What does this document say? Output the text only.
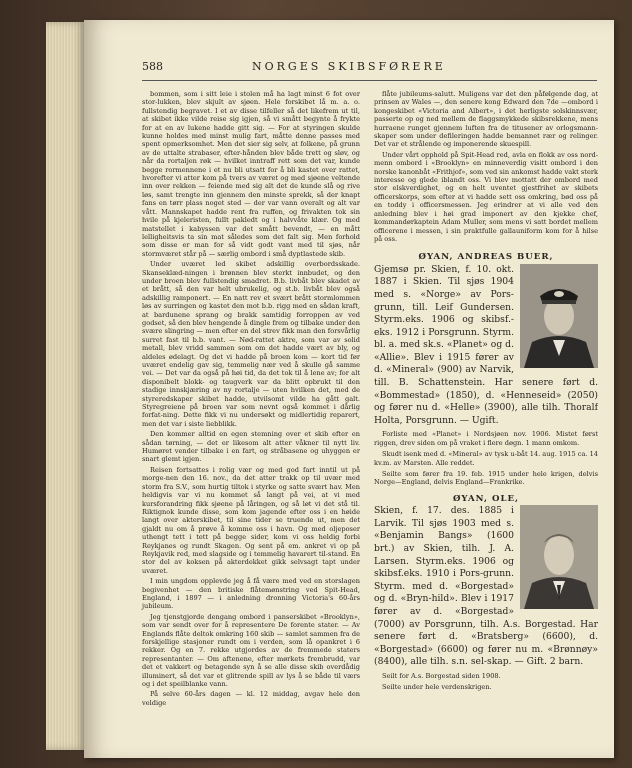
588	NORGES SKIBSFØRERE

bommen, som i sitt leie i stolen må ha lagt minst 6 fot over stor-lukken, blev skjult av sjøen. Hele forskibet lå m. a. o. fullstendig begravet. I et av disse tilfeller så det likefrem ut til, at skibet ikke vilde reise sig igjen, så vi smått begynte å frykte for at en av lukene hadde gitt sig. — For at styringen skulde kunne holdes med minst mulig fart, måtte denne passes med spent opmerksomhet. Men det sier sig selv, at folkene, på grunn av de uttalte strabaser, efter-hånden blev både trett og sløv, og når da rortaljen røk — hvilket inntraff rett som det var, kunde begge rormennene i et nu bli utsatt for å bli kastet over rattet, hvorefter vi atter kom på tvers av været og med sjøene veltende inn over rekken — feiende med sig alt det de kunde slå og rive løs, samt trengte inn gjennem den minste sprekk, så der knapt fans en tørr plass noget sted — der var vann overalt og alt var vått. Mannskapet hadde rent fra ruffen, og frivakten tok sin hvile på kjeleristen, fullt pakledt og i halvvåte klær. Og med matstellet i kabyssen var det smått bevendt, — en mått lelligheitsvis ta sin mat således som det falt sig. Men forhold som disse er man for så vidt godt vant med til sjøs, når stormværet står på — særlig ombord i små dyptlastede skib.

Under uværet led skibet adskillig overbordsskade. Skanseklæd-ningen i brønnen blev sterkt innbudet, og den under broen blev fullstendig smadret. B.b. livbåt blev skadet av et brått, så den var helt ubrukelig, og st.b. livbåt blev også adskillig ramponert. — En natt rev et svært brått stormlommen løs av surringen og kastet den mot b.b. rigg med en sådan kraft, at bardunene sprang og brakk samtidig forroppen av ved godset, så den blev hengende å dingle frem og tilbake under den svære slingring — men efter en del strev fikk man den forsvårlig surret fast til b.b. vant. — Nød-rattet aktre, som var av solid metall, blev vridd sammen som om det hadde vært av bly, og aldeles ødelagt. Og det vi hadde på broen kom — kort tid før uværet endelig gav sig, temmelig nær ved å skulle gå samme vei. — Det var da også på høi tid, da det tok til å lene av; for alt disponibelt blokk- og taugverk var da blitt opbrukt til den stadige innskjæring av ny rortalje — uten hvilken det, med de styreredskaper skibet hadde, utvilsomt vilde ha gått galt. Styregreiene på broen var som nevnt også kommet i dårlig forfat-ning. Dette fikk vi nu undersøkt og midlertidig reparert, men det var i siste liebblikk.

Den kommer alltid en egen stemning over et skib efter en sådan tørning, — det er likesom alt atter våkner til nytt liv. Humøret vender tilbake i en fart, og stråbasene og uhyggen er snart glemt igjen.

Reisen fortsattes i rolig vær og med god fart inntil ut på morge-nen den 16. nov., da det atter trakk op til uvær med storm fra S.V., som hurtig tiltok i styrke og satte svært hav. Men heldigvis var vi nu kommet så langt på vei, at vi med kursforandring fikk sjøene på låringen, og så løt vi det stå til. Riktignok kunde disse, som kom jagende efter oss i en høide langt over akterskibet, til sine tider se truende ut, men det gjaldt nu om å prøve å komme oss i havn. Og med oljeposer uthengt tett i tett på begge sider, kom vi oss heldig forbi Reykjanes og rundt Skagen. Og sent på em. ankret vi op på Reykjavik red, med slagside og i temmelig havarert til-stand. En stor del av koksen på akterdekket gikk selvsagt tapt under uværet.

I min ungdom opplevde jeg å få være med ved en storslagen begivenhet — den britiske flåtemønstring ved Spit-Head, England, i 1897 — i anledning dronning Victoria's 60-års jubileum.

Jeg tjenstgjorde dengang ombord i panserskibet «Brooklyn», som var sendt over for å representere De forente stater. — Av Englands flåte deltok omkring 160 skib — samlet sammen fra de forskjellige stasjoner rundt om i verden, som lå opankret i 6 rekker. Og en 7. rekke utgjordes av de fremmede staters representanter. — Om aftenene, efter mørkets frembrudd, var det et vakkert og betagende syn å se alle disse skib overdådig illuminert, så det var et glitrende spill av lys å se både til værs og i det speilblanke vann.

På selve 60-års dagen — kl. 12 middag, avgav hele den veldige

flåte jubileums-salutt. Muligens var det den påfølgende dag, at prinsen av Wales —, den senere kong Edward den 7de —ombord i kongeskibet «Victoria and Albert», i det herligste solskinnsvær, passerte op og ned mellem de flaggsmykkede skibsrekkene, mens hurraene runget gjennem luften fra de titusener av orlogsmann-skaper som under defileringen hadde bemannet rær og relinger. Det var et strålende og imponerende skuespill.

Under vårt opphold på Spit-Head red, avla en flokk av oss nord-menn ombord i «Brooklyn» en minneverdig visitt ombord i den norske kanonbåt «Frithjof», som ved sin ankomst hadde vakt sterk interesse og glede iblandt oss. Vi blev mottatt der ombord med stor elskverdighet, og en helt uventet gjestfrihet av skibets officerskorps, som efter at vi hadde sett oss omkring, bød oss på en toddy i officersmessen. Jeg erindrer at vi alle ved den anledning blev i høi grad imponert av den kjekke chef, kommandørkaptein Adam Muller, som mens vi satt bordet mellem officerene i messen, i sin praktfulle gallauniform kom for å hilse på oss.

ØYAN, ANDREAS BUER,
Gjemsø pr. Skien, f. 10. okt. 1887 i Skien. Til sjøs 1904 med s. «Norge» av Pors-grunn, till. Leif Gundersen. Styrm.eks. 1906 og skibsf.-eks. 1912 i Porsgrunn. Styrm. bl. a. med sk.s. «Planet» og d. «Allie». Blev i 1915 fører av d. «Mineral» (900) av Narvik, till. B. Schattenstein. Har senere ført d. «Bommestad» (1850), d. «Henneseid» (2050) og fører nu d. «Helle» (3900), alle tilh. Thoralf Holta, Porsgrunn. — Ugift.
Forliste med «Planet» i Nordsjøen nov. 1906. Mistet først riggen, drev siden om på vraket i flere døgn. 1 mann omkom.
Skudt isenk med d. «Mineral» av tysk u-båt 14. aug. 1915 ca. 14 kv.m. av Marsten. Alle reddet.
Seilte som fører fra 19. feb. 1915 under hele krigen, delvis Norge—England, delvis England—Frankrike.
ØYAN, OLE,
Skien, f. 17. des. 1885 i Larvik. Til sjøs 1903 med s. «Benjamin Bangs» (1600 brt.) av Skien, tilh. J. A. Larsen. Styrm.eks. 1906 og skibsf.eks. 1910 i Pors-grunn. Styrm. med d. «Borgestad» og d. «Bryn-hild». Blev i 1917 fører av d. «Borgestad» (7000) av Porsgrunn, tilh. A.s. Borgestad. Har senere ført d. «Bratsberg» (6600), d. «Borgestad» (6600) og fører nu m. «Brønnøy» (8400), alle tilh. s.n. sel-skap. — Gift. 2 barn.
Seilt for A.s. Borgestad siden 1908.
Seilte under hele verdenskrigen.
